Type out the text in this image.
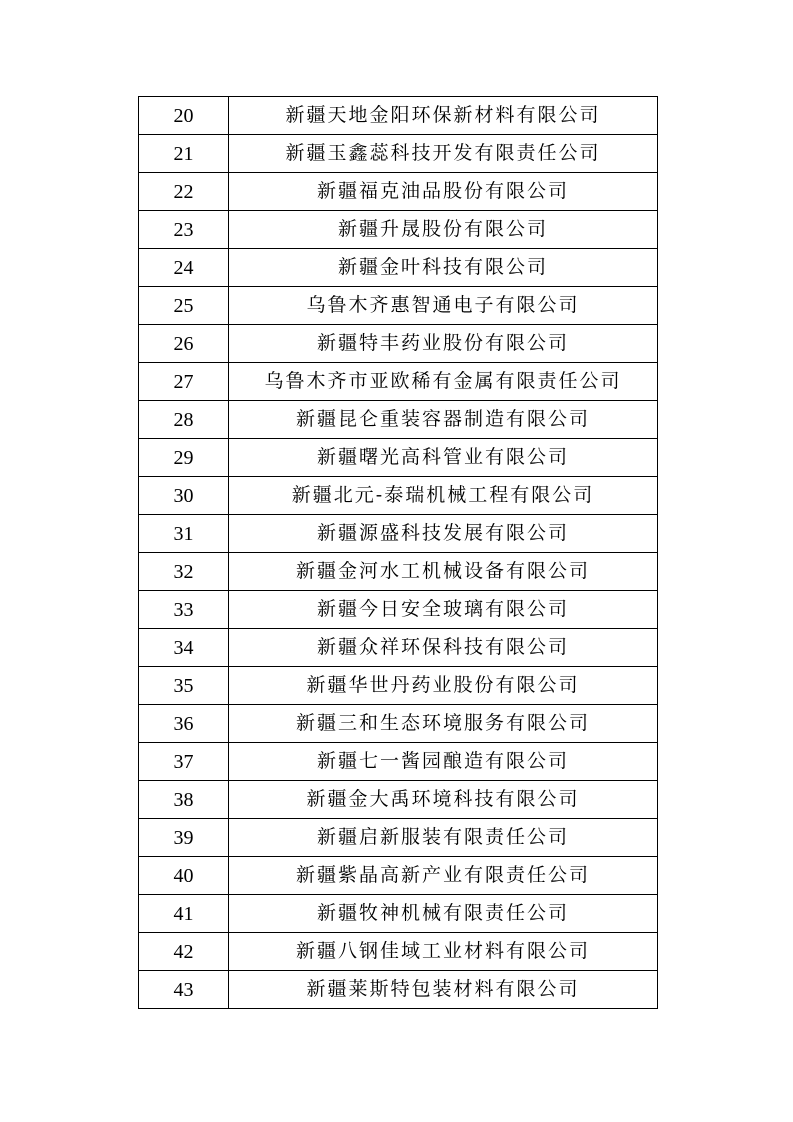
20	新疆天地金阳环保新材料有限公司
21	新疆玉鑫蕊科技开发有限责任公司
22	新疆福克油品股份有限公司
23	新疆升晟股份有限公司
24	新疆金叶科技有限公司
25	乌鲁木齐惠智通电子有限公司
26	新疆特丰药业股份有限公司
27	乌鲁木齐市亚欧稀有金属有限责任公司
28	新疆昆仑重装容器制造有限公司
29	新疆曙光高科管业有限公司
30	新疆北元-泰瑞机械工程有限公司
31	新疆源盛科技发展有限公司
32	新疆金河水工机械设备有限公司
33	新疆今日安全玻璃有限公司
34	新疆众祥环保科技有限公司
35	新疆华世丹药业股份有限公司
36	新疆三和生态环境服务有限公司
37	新疆七一酱园酿造有限公司
38	新疆金大禹环境科技有限公司
39	新疆启新服装有限责任公司
40	新疆紫晶高新产业有限责任公司
41	新疆牧神机械有限责任公司
42	新疆八钢佳域工业材料有限公司
43	新疆莱斯特包装材料有限公司
